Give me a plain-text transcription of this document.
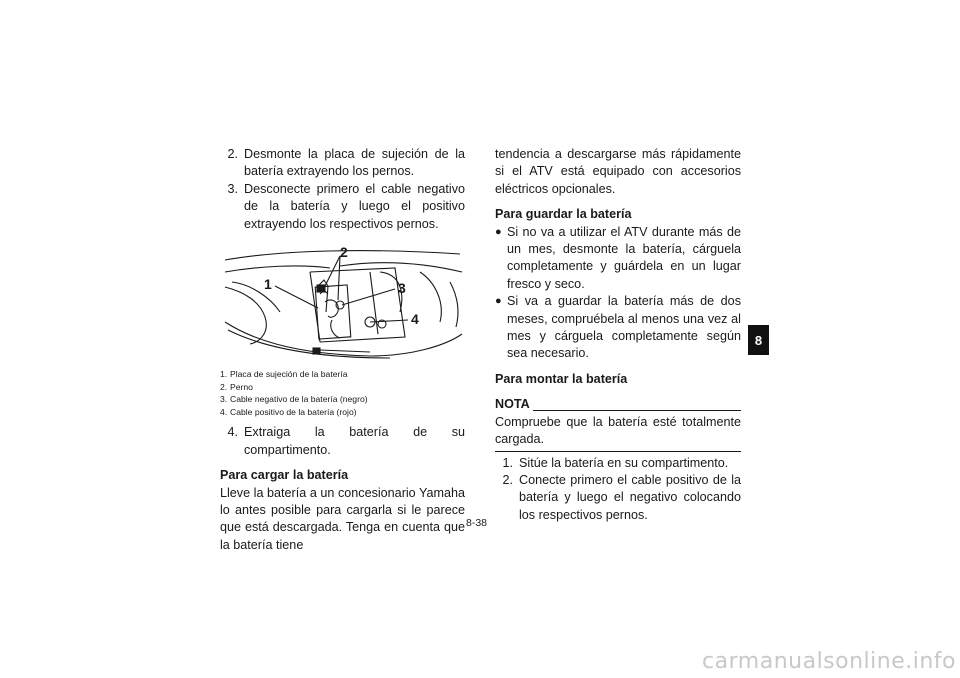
2. Desmonte la placa de sujeción de la batería extrayendo los pernos.
3. Desconecte primero el cable negativo de la batería y luego el positivo extrayendo los respectivos pernos.
2
1	3
4
1. Placa de sujeción de la batería
2. Perno
3. Cable negativo de la batería (negro)
4. Cable positivo de la batería (rojo)
4. Extraiga la batería de su compartimento.
Para cargar la batería
Lleve la batería a un concesionario Yamaha lo antes posible para cargarla si le parece que está descargada. Tenga en cuenta que la batería tiene
tendencia a descargarse más rápidamente si el ATV está equipado con accesorios eléctricos opcionales.
Para guardar la batería
● Si no va a utilizar el ATV durante más de un mes, desmonte la batería, cárguela completamente y guárdela en un lugar fresco y seco.
● Si va a guardar la batería más de dos meses, compruébela al menos una vez al mes y cárguela completamente según sea necesario.
Para montar la batería
NOTA
Compruebe que la batería esté totalmente cargada.
1. Sitúe la batería en su compartimento.
2. Conecte primero el cable positivo de la batería y luego el negativo colocando los respectivos pernos.
8
8-38
carmanualsonline.info
